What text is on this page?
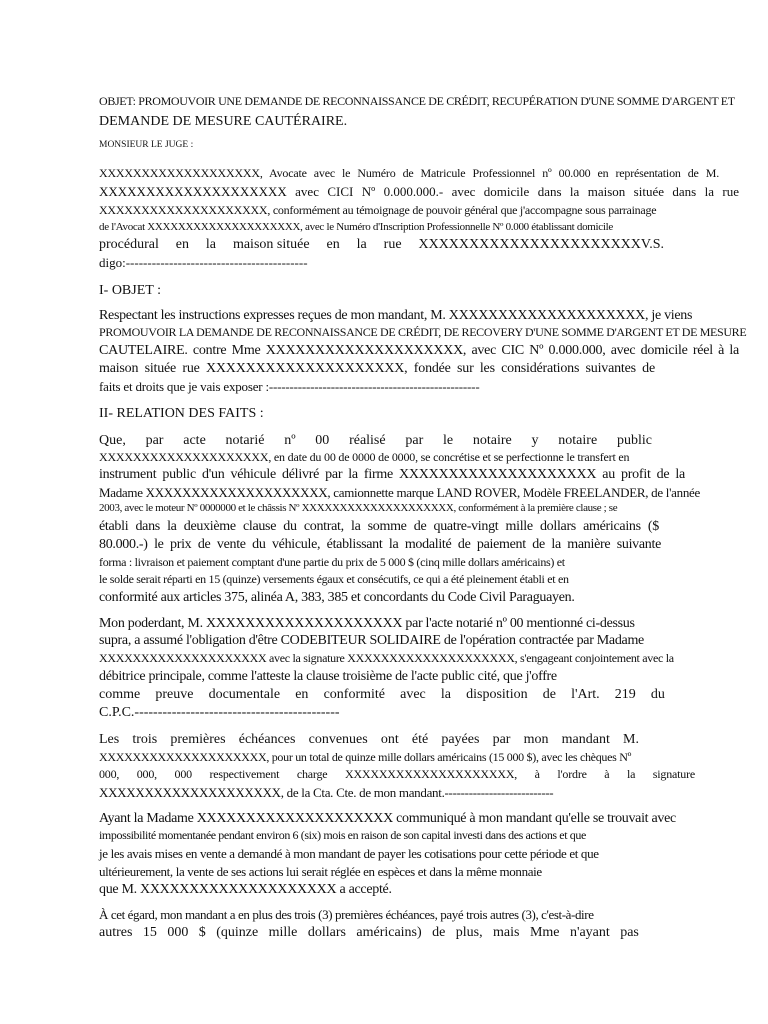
OBJET: PROMOUVOIR UNE DEMANDE DE RECONNAISSANCE DE CRÉDIT, RECUPÉRATION D'UNE SOMME D'ARGENT ET
DEMANDE DE MESURE CAUTÉRAIRE.
MONSIEUR LE JUGE :
XXXXXXXXXXXXXXXXXXX, Avocate avec le Numéro de Matricule Professionnel nº 00.000 en représentation de M.
XXXXXXXXXXXXXXXXXXXX avec CICI Nº 0.000.000.- avec domicile dans la maison située dans la rue
XXXXXXXXXXXXXXXXXXXX, conformément au témoignage de pouvoir général que j'accompagne sous parrainage
de l'Avocat XXXXXXXXXXXXXXXXXXXX, avec le Numéro d'Inscription Professionnelle Nº 0.000 établissant domicile
procédural en la maison située en la rue XXXXXXXXXXXXXXXXXXXXXXV.S.
digo:------------------------------------------
I- OBJET :
Respectant les instructions expresses reçues de mon mandant, M. XXXXXXXXXXXXXXXXXXXX, je viens
PROMOUVOIR LA DEMANDE DE RECONNAISSANCE DE CRÉDIT, DE RECOVERY D'UNE SOMME D'ARGENT ET DE MESURE
CAUTELAIRE. contre Mme XXXXXXXXXXXXXXXXXXXX, avec CIC Nº 0.000.000, avec domicile réel à la
maison située rue XXXXXXXXXXXXXXXXXXXX, fondée sur les considérations suivantes de
faits et droits que je vais exposer :---------------------------------------------------
II- RELATION DES FAITS :
Que, par acte notarié nº 00 réalisé par le notaire y notaire public
XXXXXXXXXXXXXXXXXXXX, en date du 00 de 0000 de 0000, se concrétise et se perfectionne le transfert en
instrument public d'un véhicule délivré par la firme XXXXXXXXXXXXXXXXXXXX au profit de la
Madame XXXXXXXXXXXXXXXXXXXX, camionnette marque LAND ROVER, Modèle FREELANDER, de l'année
2003, avec le moteur Nº 0000000 et le châssis Nº XXXXXXXXXXXXXXXXXXXX, conformément à la première clause ; se
établi dans la deuxième clause du contrat, la somme de quatre-vingt mille dollars américains ($
80.000.-) le prix de vente du véhicule, établissant la modalité de paiement de la manière suivante
forma : livraison et paiement comptant d'une partie du prix de 5 000 $ (cinq mille dollars américains) et
le solde serait réparti en 15 (quinze) versements égaux et consécutifs, ce qui a été pleinement établi et en
conformité aux articles 375, alinéa A, 383, 385 et concordants du Code Civil Paraguayen.
Mon poderdant, M. XXXXXXXXXXXXXXXXXXXX par l'acte notarié nº 00 mentionné ci-dessus
supra, a assumé l'obligation d'être CODEBITEUR SOLIDAIRE de l'opération contractée par Madame
XXXXXXXXXXXXXXXXXXXX avec la signature XXXXXXXXXXXXXXXXXXXX, s'engageant conjointement avec la
débitrice principale, comme l'atteste la clause troisième de l'acte public cité, que j'offre
comme preuve documentale en conformité avec la disposition de l'Art. 219 du
C.P.C.--------------------------------------------
Les trois premières échéances convenues ont été payées par mon mandant M.
XXXXXXXXXXXXXXXXXXXX, pour un total de quinze mille dollars américains (15 000 $), avec les chèques Nº
000, 000, 000 respectivement charge XXXXXXXXXXXXXXXXXXXX, à l'ordre à la signature
XXXXXXXXXXXXXXXXXXXX, de la Cta. Cte. de mon mandant.---------------------------
Ayant la Madame XXXXXXXXXXXXXXXXXXXX communiqué à mon mandant qu'elle se trouvait avec
impossibilité momentanée pendant environ 6 (six) mois en raison de son capital investi dans des actions et que
je les avais mises en vente a demandé à mon mandant de payer les cotisations pour cette période et que
ultérieurement, la vente de ses actions lui serait réglée en espèces et dans la même monnaie
que M. XXXXXXXXXXXXXXXXXXXX a accepté.
À cet égard, mon mandant a en plus des trois (3) premières échéances, payé trois autres (3), c'est-à-dire
autres 15 000 $ (quinze mille dollars américains) de plus, mais Mme n'ayant pas
